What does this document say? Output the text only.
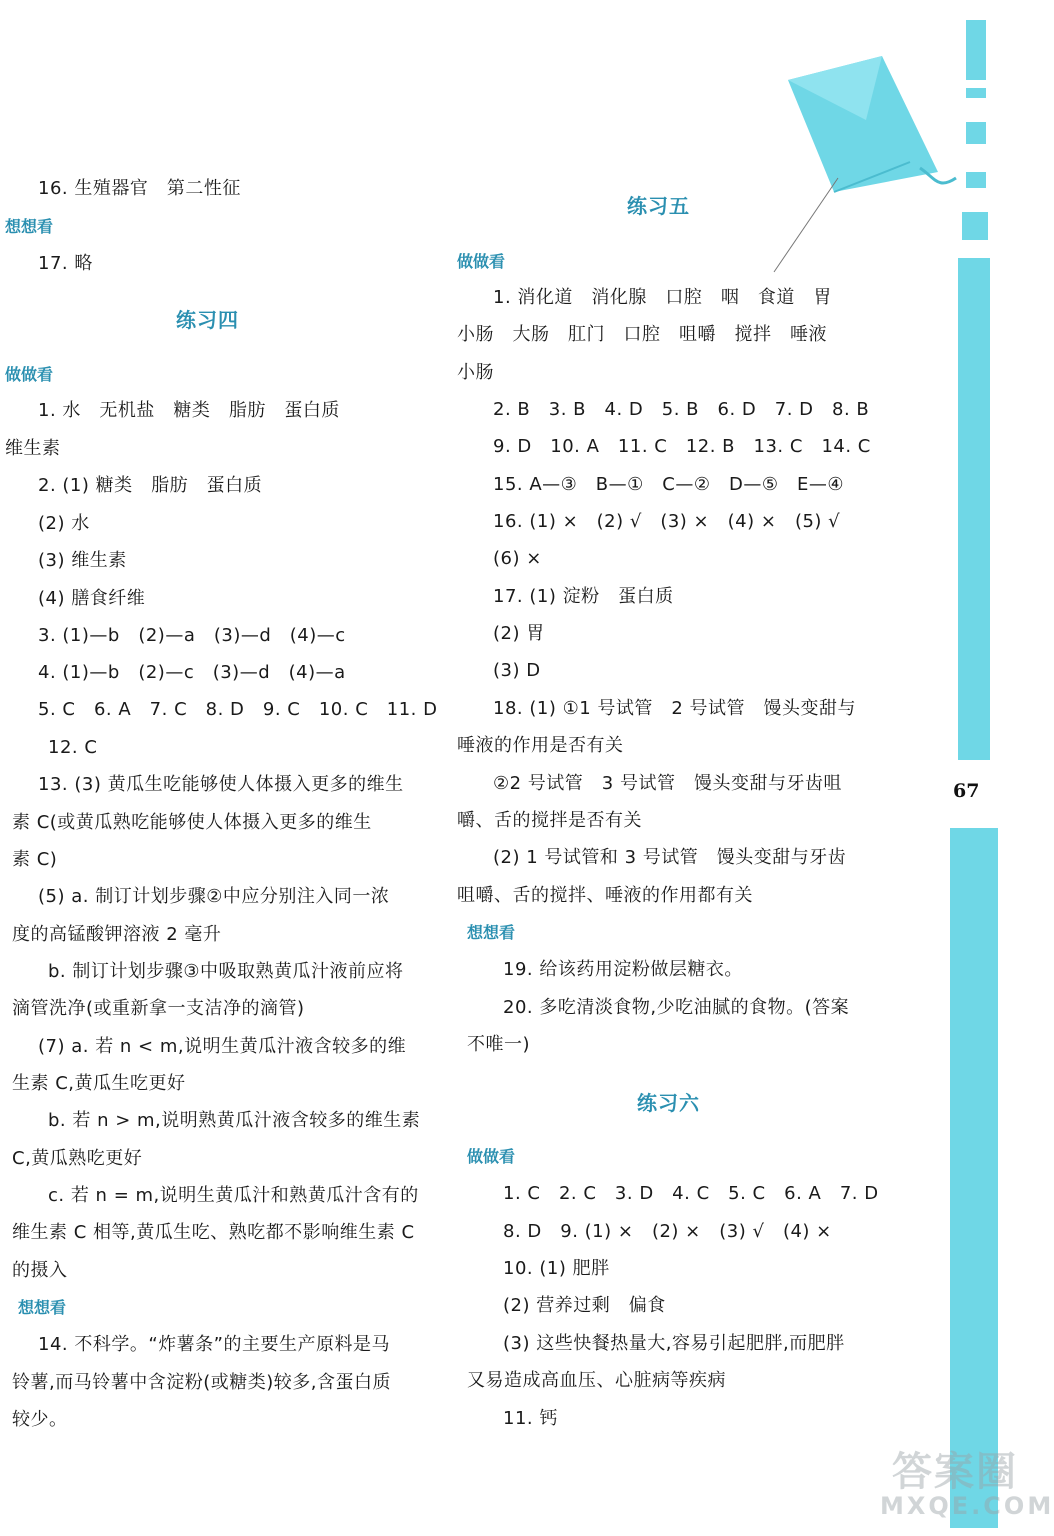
67
答案圈
MXQE.COM
16. 生殖器官　第二性征
想想看
17. 略
练习四
做做看
1. 水　无机盐　糖类　脂肪　蛋白质
维生素
2. (1) 糖类　脂肪　蛋白质
(2) 水
(3) 维生素
(4) 膳食纤维
3. (1)—b　(2)—a　(3)—d　(4)—c
4. (1)—b　(2)—c　(3)—d　(4)—a
5. C　6. A　7. C　8. D　9. C　10. C　11. D
12. C
13. (3) 黄瓜生吃能够使人体摄入更多的维生
素 C(或黄瓜熟吃能够使人体摄入更多的维生
素 C)
(5) a. 制订计划步骤②中应分别注入同一浓
度的高锰酸钾溶液 2 毫升
b. 制订计划步骤③中吸取熟黄瓜汁液前应将
滴管洗净(或重新拿一支洁净的滴管)
(7) a. 若 n < m,说明生黄瓜汁液含较多的维
生素 C,黄瓜生吃更好
b. 若 n > m,说明熟黄瓜汁液含较多的维生素
C,黄瓜熟吃更好
c. 若 n = m,说明生黄瓜汁和熟黄瓜汁含有的
维生素 C 相等,黄瓜生吃、熟吃都不影响维生素 C
的摄入
想想看
14. 不科学。“炸薯条”的主要生产原料是马
铃薯,而马铃薯中含淀粉(或糖类)较多,含蛋白质
较少。
练习五
做做看
1. 消化道　消化腺　口腔　咽　食道　胃
小肠　大肠　肛门　口腔　咀嚼　搅拌　唾液
小肠
2. B　3. B　4. D　5. B　6. D　7. D　8. B
9. D　10. A　11. C　12. B　13. C　14. C
15. A—③　B—①　C—②　D—⑤　E—④
16. (1) ×　(2) √　(3) ×　(4) ×　(5) √
(6) ×
17. (1) 淀粉　蛋白质
(2) 胃
(3) D
18. (1) ①1 号试管　2 号试管　馒头变甜与
唾液的作用是否有关
②2 号试管　3 号试管　馒头变甜与牙齿咀
嚼、舌的搅拌是否有关
(2) 1 号试管和 3 号试管　馒头变甜与牙齿
咀嚼、舌的搅拌、唾液的作用都有关
想想看
19. 给该药用淀粉做层糖衣。
20. 多吃清淡食物,少吃油腻的食物。(答案
不唯一)
练习六
做做看
1. C　2. C　3. D　4. C　5. C　6. A　7. D
8. D　9. (1) ×　(2) ×　(3) √　(4) ×
10. (1) 肥胖
(2) 营养过剩　偏食
(3) 这些快餐热量大,容易引起肥胖,而肥胖
又易造成高血压、心脏病等疾病
11. 钙
